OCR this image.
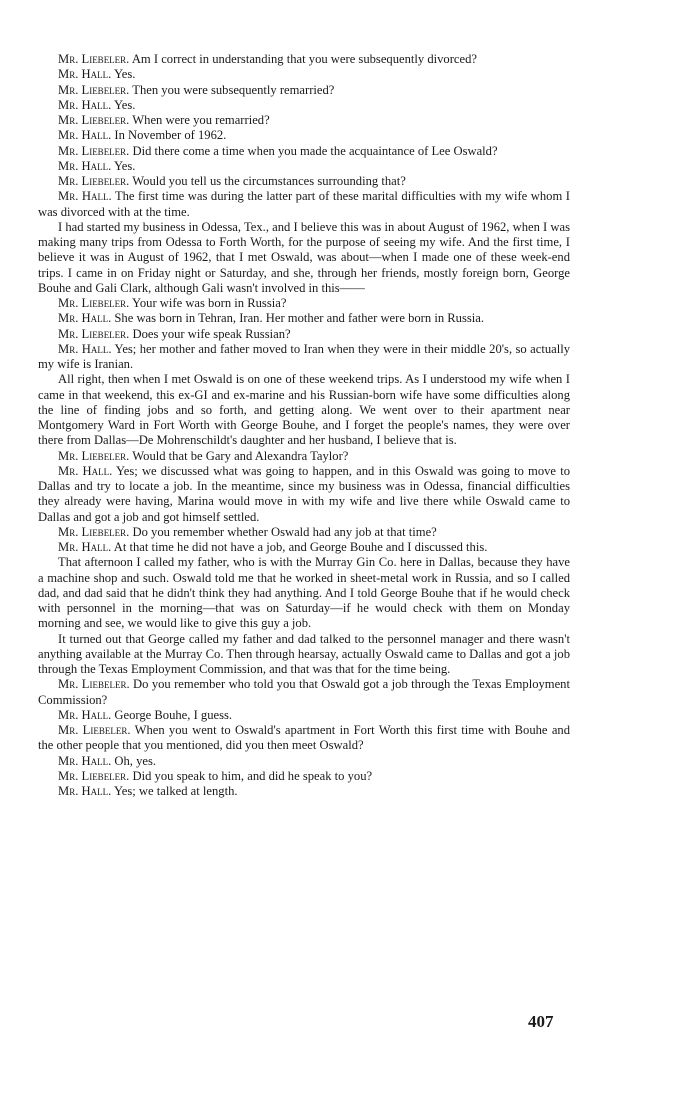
Mr. Liebeler. Am I correct in understanding that you were subsequently divorced?

Mr. Hall. Yes.

Mr. Liebeler. Then you were subsequently remarried?

Mr. Hall. Yes.

Mr. Liebeler. When were you remarried?

Mr. Hall. In November of 1962.

Mr. Liebeler. Did there come a time when you made the acquaintance of Lee Oswald?

Mr. Hall. Yes.

Mr. Liebeler. Would you tell us the circumstances surrounding that?

Mr. Hall. The first time was during the latter part of these marital difficulties with my wife whom I was divorced with at the time.

I had started my business in Odessa, Tex., and I believe this was in about August of 1962, when I was making many trips from Odessa to Forth Worth, for the purpose of seeing my wife. And the first time, I believe it was in August of 1962, that I met Oswald, was about—when I made one of these week-end trips. I came in on Friday night or Saturday, and she, through her friends, mostly foreign born, George Bouhe and Gali Clark, although Gali wasn't involved in this——

Mr. Liebeler. Your wife was born in Russia?

Mr. Hall. She was born in Tehran, Iran. Her mother and father were born in Russia.

Mr. Liebeler. Does your wife speak Russian?

Mr. Hall. Yes; her mother and father moved to Iran when they were in their middle 20's, so actually my wife is Iranian.

All right, then when I met Oswald is on one of these weekend trips. As I understood my wife when I came in that weekend, this ex-GI and ex-marine and his Russian-born wife have some difficulties along the line of finding jobs and so forth, and getting along. We went over to their apartment near Montgomery Ward in Fort Worth with George Bouhe, and I forget the people's names, they were over there from Dallas—De Mohrenschildt's daughter and her husband, I believe that is.

Mr. Liebeler. Would that be Gary and Alexandra Taylor?

Mr. Hall. Yes; we discussed what was going to happen, and in this Oswald was going to move to Dallas and try to locate a job. In the meantime, since my business was in Odessa, financial difficulties they already were having, Marina would move in with my wife and live there while Oswald came to Dallas and got a job and got himself settled.

Mr. Liebeler. Do you remember whether Oswald had any job at that time?

Mr. Hall. At that time he did not have a job, and George Bouhe and I discussed this.

That afternoon I called my father, who is with the Murray Gin Co. here in Dallas, because they have a machine shop and such. Oswald told me that he worked in sheet-metal work in Russia, and so I called dad, and dad said that he didn't think they had anything. And I told George Bouhe that if he would check with personnel in the morning—that was on Saturday—if he would check with them on Monday morning and see, we would like to give this guy a job.

It turned out that George called my father and dad talked to the personnel manager and there wasn't anything available at the Murray Co. Then through hearsay, actually Oswald came to Dallas and got a job through the Texas Employment Commission, and that was that for the time being.

Mr. Liebeler. Do you remember who told you that Oswald got a job through the Texas Employment Commission?

Mr. Hall. George Bouhe, I guess.

Mr. Liebeler. When you went to Oswald's apartment in Fort Worth this first time with Bouhe and the other people that you mentioned, did you then meet Oswald?

Mr. Hall. Oh, yes.

Mr. Liebeler. Did you speak to him, and did he speak to you?

Mr. Hall. Yes; we talked at length.

407
